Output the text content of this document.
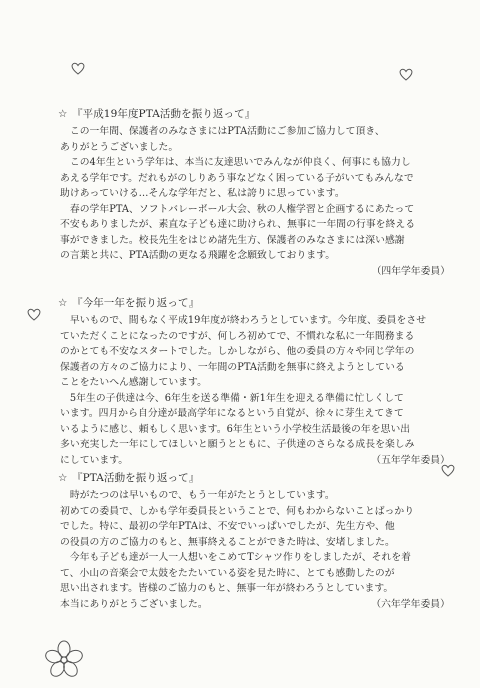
☆ 『平成19年度PTA活動を振り返って』
　この一年間、保護者のみなさまにはPTA活動にご参加ご協力して頂き、
ありがとうございました。
　この4年生という学年は、本当に友達思いでみんなが仲良く、何事にも協力し
あえる学年です。だれもがのしりあう事などなく困っている子がいてもみんなで
助けあっていける…そんな学年だと、私は誇りに思っています。
　春の学年PTA、ソフトバレーボール大会、秋の人権学習と企画するにあたって
不安もありましたが、素直な子ども達に助けられ、無事に一年間の行事を終える
事ができました。校長先生をはじめ諸先生方、保護者のみなさまには深い感謝
の言葉と共に、PTA活動の更なる飛躍を念願致しております。
（四年学年委員）
☆ 『今年一年を振り返って』
　早いもので、間もなく平成19年度が終わろうとしています。今年度、委員をさせ
ていただくことになったのですが、何しろ初めてで、不慣れな私に一年間務まる
のかとても不安なスタートでした。しかしながら、他の委員の方々や同じ学年の
保護者の方々のご協力により、一年間のPTA活動を無事に終えようとしている
ことをたいへん感謝しています。
　5年生の子供達は今、6年生を送る準備・新1年生を迎える準備に忙しくして
います。四月から自分達が最高学年になるという自覚が、徐々に芽生えてきて
いるように感じ、頼もしく思います。6年生という小学校生活最後の年を思い出
多い充実した一年にしてほしいと願うとともに、子供達のさらなる成長を楽しみ
にしています。	（五年学年委員）
☆ 『PTA活動を振り返って』
　時がたつのは早いもので、もう一年がたとうとしています。
初めての委員で、しかも学年委員長ということで、何もわからないことばっかり
でした。特に、最初の学年PTAは、不安でいっぱいでしたが、先生方や、他
の役員の方のご協力のもと、無事終えることができた時は、安堵しました。
　今年も子ども達が一人一人想いをこめてTシャツ作りをしましたが、それを着
て、小山の音楽会で太鼓をたたいている姿を見た時に、とても感動したのが
思い出されます。皆様のご協力のもと、無事一年が終わろうとしています。
本当にありがとうございました。	（六年学年委員）
